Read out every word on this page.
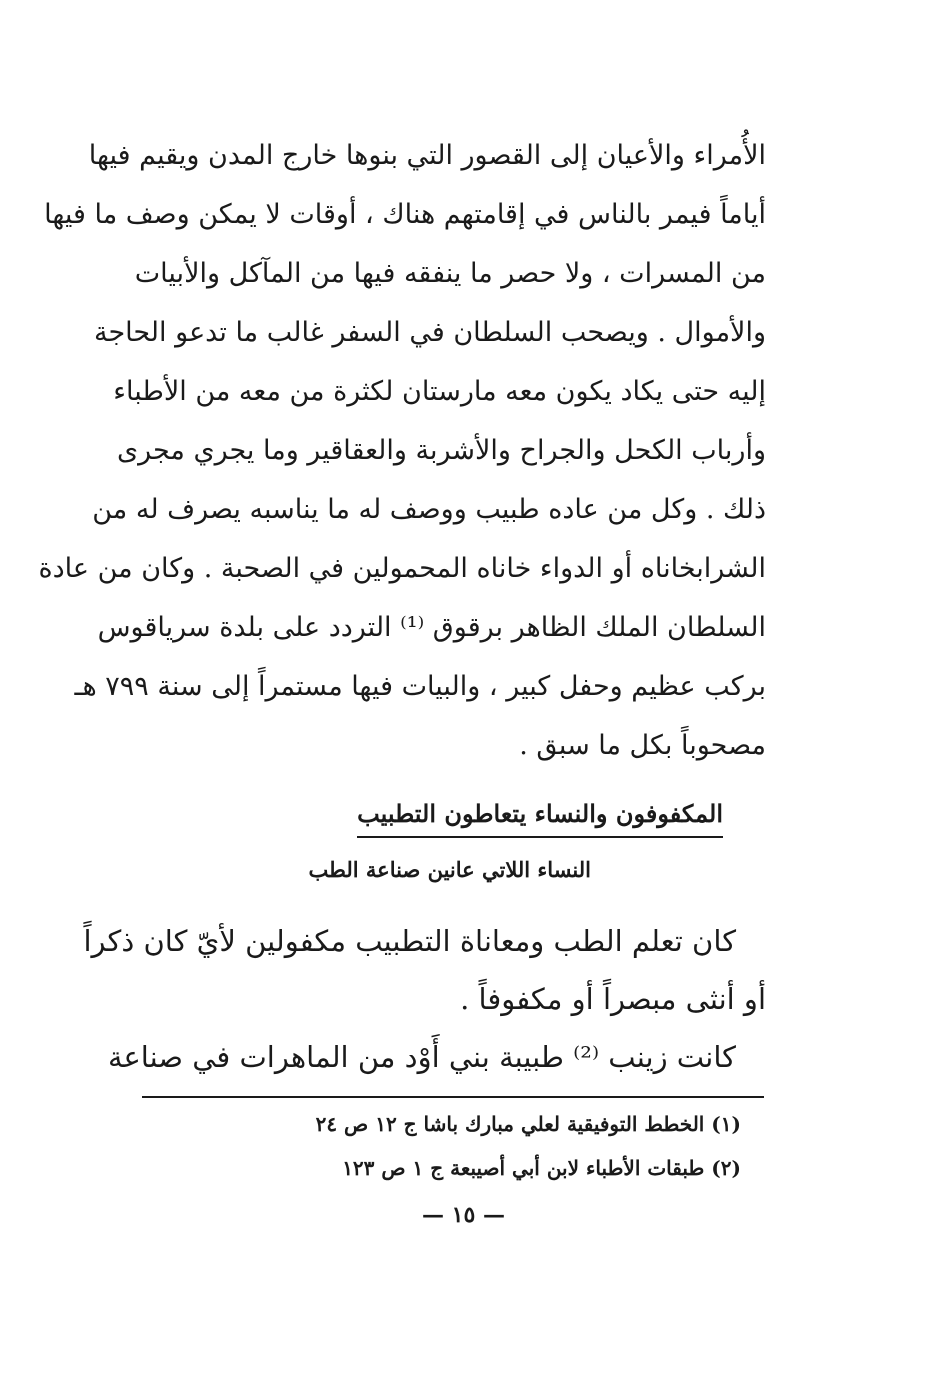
الأُمراء والأعيان إلى القصور التي بنوها خارج المدن ويقيم فيها
أياماً فيمر بالناس في إقامتهم هناك ، أوقات لا يمكن وصف ما فيها
من المسرات ، ولا حصر ما ينفقه فيها من المآكل والأبيات
والأموال . ويصحب السلطان في السفر غالب ما تدعو الحاجة
إليه حتى يكاد يكون معه مارستان لكثرة من معه من الأطباء
وأرباب الكحل والجراح والأشربة والعقاقير وما يجري مجرى
ذلك . وكل من عاده طبيب ووصف له ما يناسبه يصرف له من
الشرابخاناه أو الدواء خاناه المحمولين في الصحبة . وكان من عادة
السلطان الملك الظاهر برقوق ⁽¹⁾ التردد على بلدة سرياقوس
بركب عظيم وحفل كبير ، والبيات فيها مستمراً إلى سنة ٧٩٩ هـ
مصحوباً بكل ما سبق .
المكفوفون والنساء يتعاطون التطبيب
النساء اللاتي عانين صناعة الطب
كان تعلم الطب ومعاناة التطبيب مكفولين لأيّ كان ذكراً
أو أنثى مبصراً أو مكفوفاً .
كانت زينب ⁽²⁾ طبيبة بني أَوْد من الماهرات في صناعة
(١) الخطط التوفيقية لعلي مبارك باشا ج ١٢ ص ٢٤
(٢) طبقات الأطباء لابن أبي أصيبعة ج ١ ص ١٢٣
— ١٥ —
